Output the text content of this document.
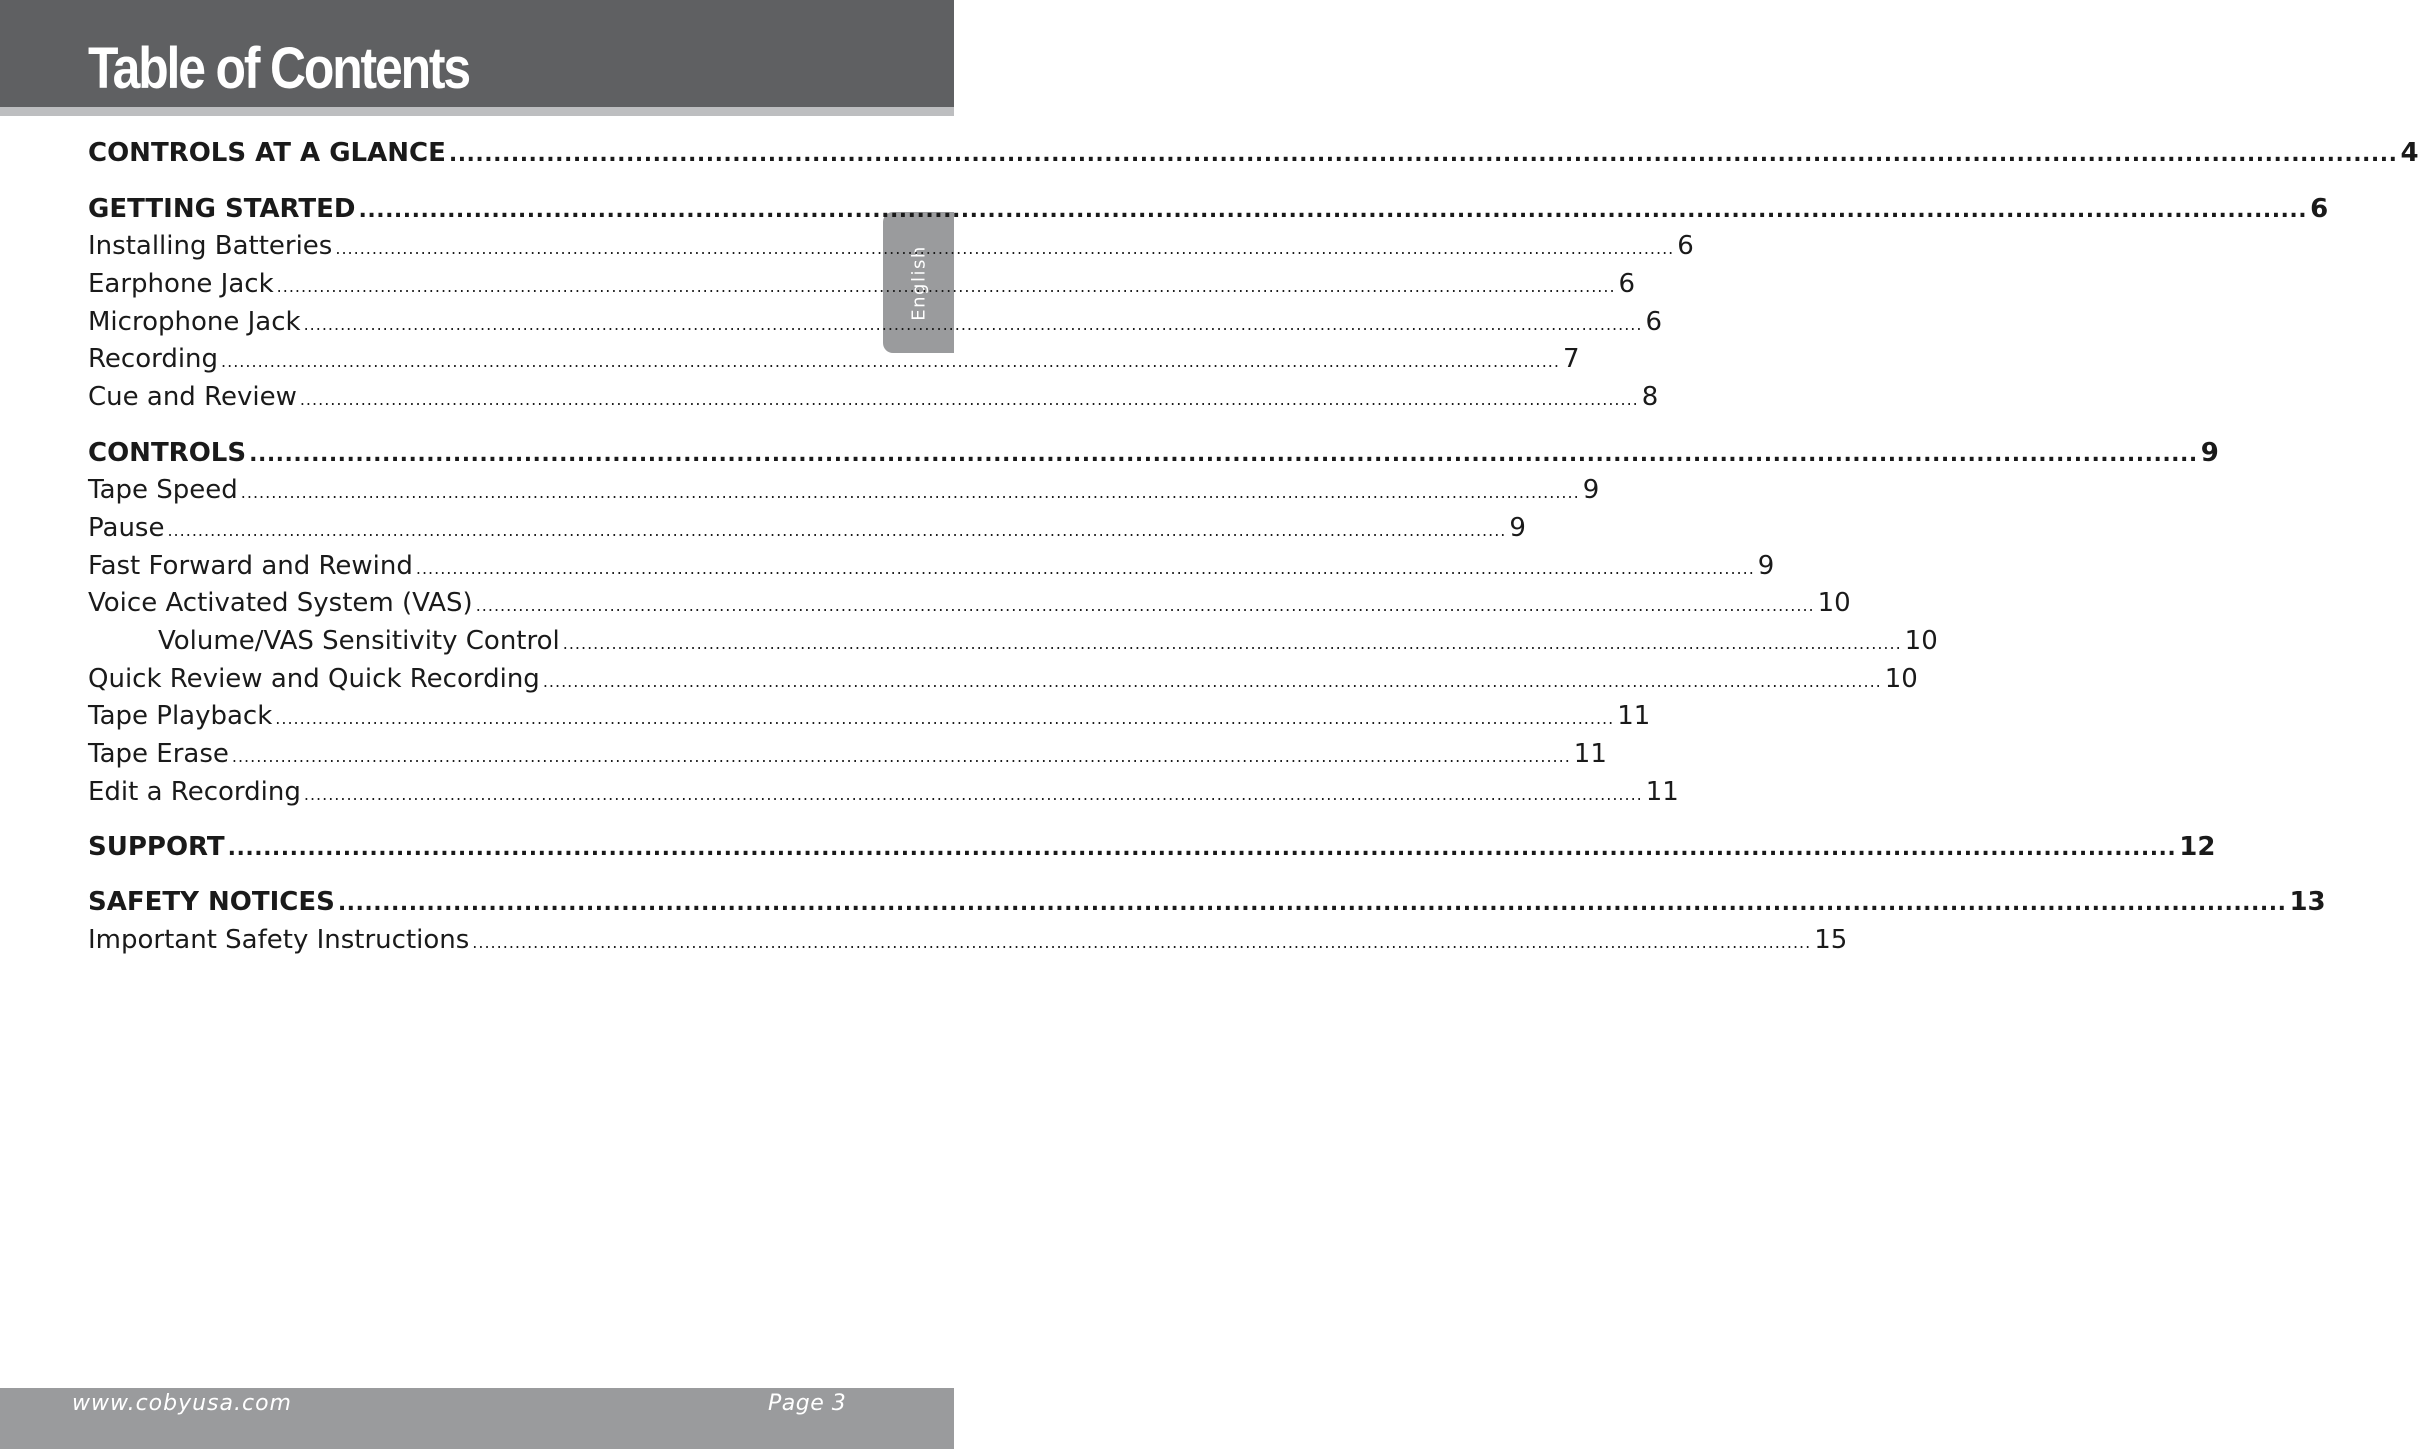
Table of Contents
English
CONTROLS AT A GLANCE ............................................................................................................................................................................................................................ 4
GETTING STARTED ............................................................................................................................................................................................................................ 6
Installing Batteries ............................................................................................................................................................................................................................ 6
Earphone Jack ............................................................................................................................................................................................................................ 6
Microphone Jack ............................................................................................................................................................................................................................ 6
Recording ............................................................................................................................................................................................................................ 7
Cue and Review ............................................................................................................................................................................................................................ 8
CONTROLS ............................................................................................................................................................................................................................ 9
Tape Speed ............................................................................................................................................................................................................................ 9
Pause ............................................................................................................................................................................................................................ 9
Fast Forward and Rewind ............................................................................................................................................................................................................................ 9
Voice Activated System (VAS) ............................................................................................................................................................................................................................ 10
Volume/VAS Sensitivity Control ............................................................................................................................................................................................................................ 10
Quick Review and Quick Recording ............................................................................................................................................................................................................................ 10
Tape Playback ............................................................................................................................................................................................................................ 11
Tape Erase ............................................................................................................................................................................................................................ 11
Edit a Recording ............................................................................................................................................................................................................................ 11
SUPPORT ............................................................................................................................................................................................................................ 12
SAFETY NOTICES ............................................................................................................................................................................................................................ 13
Important Safety Instructions ............................................................................................................................................................................................................................ 15
www.cobyusa.com	Page 3
